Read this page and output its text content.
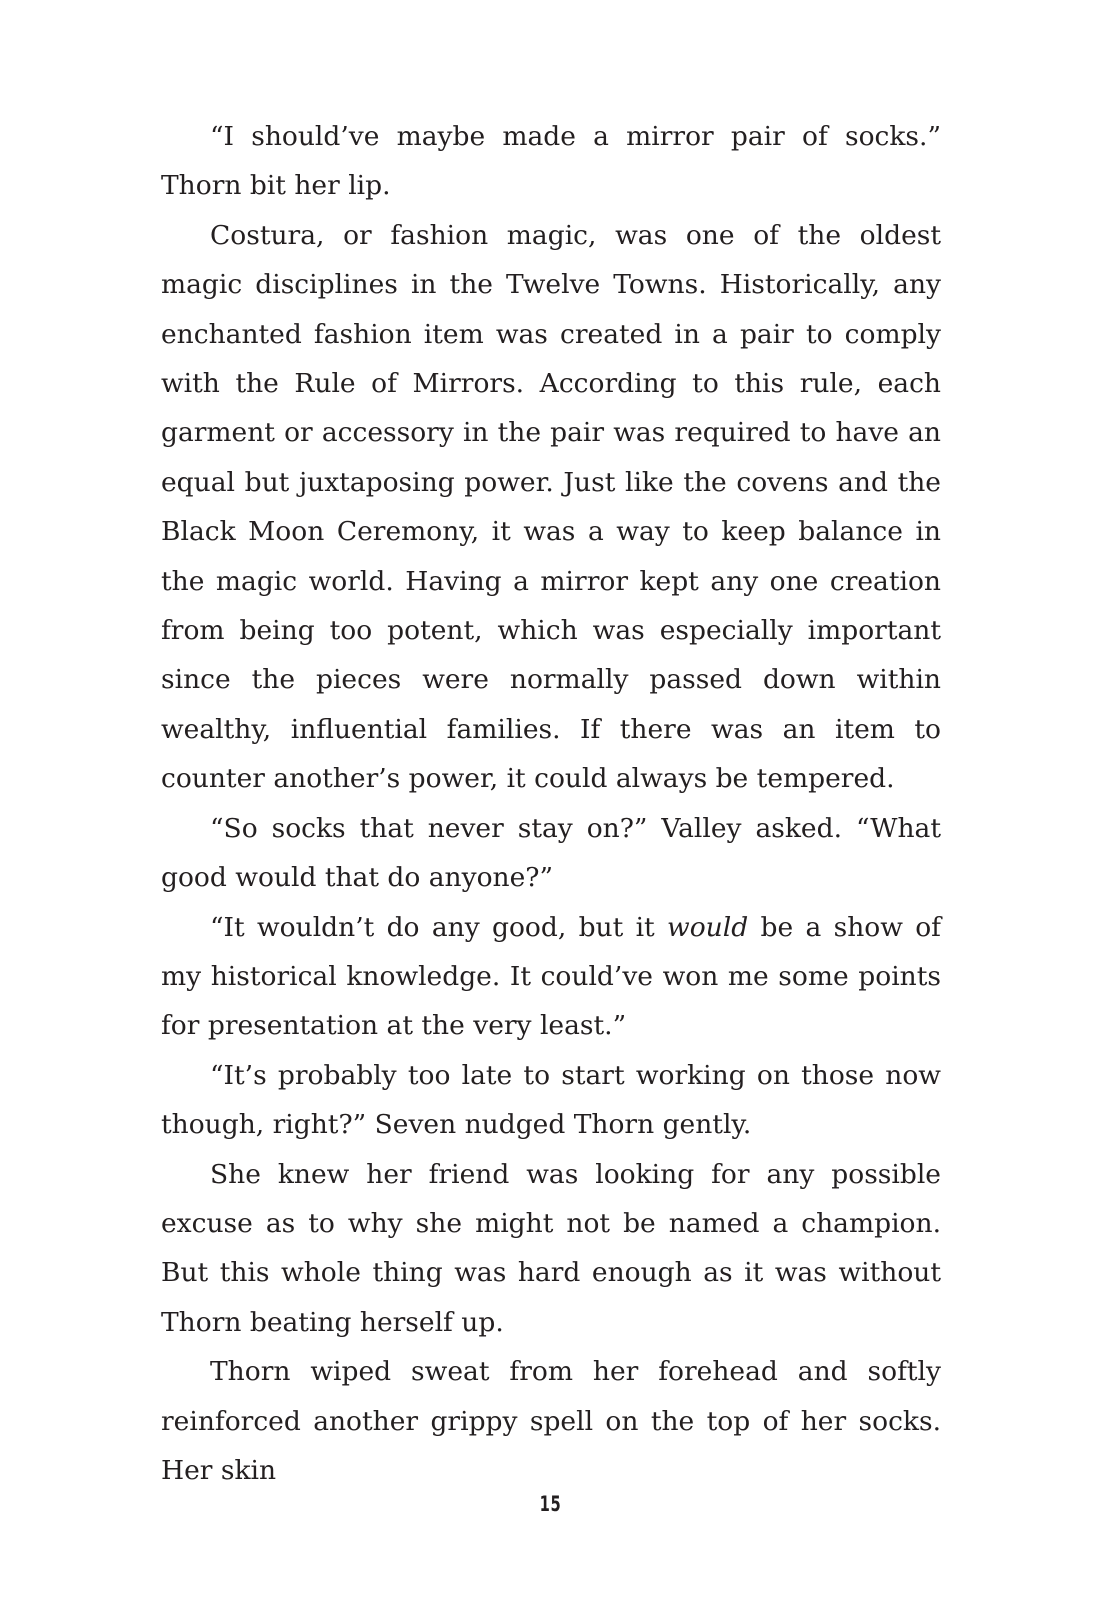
“I should’ve maybe made a mirror pair of socks.” Thorn bit her lip.

Costura, or fashion magic, was one of the oldest magic disciplines in the Twelve Towns. Historically, any enchanted fashion item was created in a pair to comply with the Rule of Mirrors. According to this rule, each garment or accessory in the pair was required to have an equal but juxtaposing power. Just like the covens and the Black Moon Ceremony, it was a way to keep balance in the magic world. Having a mirror kept any one creation from being too potent, which was especially important since the pieces were normally passed down within wealthy, influential families. If there was an item to counter another’s power, it could always be tempered.

“So socks that never stay on?” Valley asked. “What good would that do anyone?”

“It wouldn’t do any good, but it would be a show of my historical knowledge. It could’ve won me some points for presentation at the very least.”

“It’s probably too late to start working on those now though, right?” Seven nudged Thorn gently.

She knew her friend was looking for any possible excuse as to why she might not be named a champion. But this whole thing was hard enough as it was without Thorn beating herself up.

Thorn wiped sweat from her forehead and softly reinforced another grippy spell on the top of her socks. Her skin

15
